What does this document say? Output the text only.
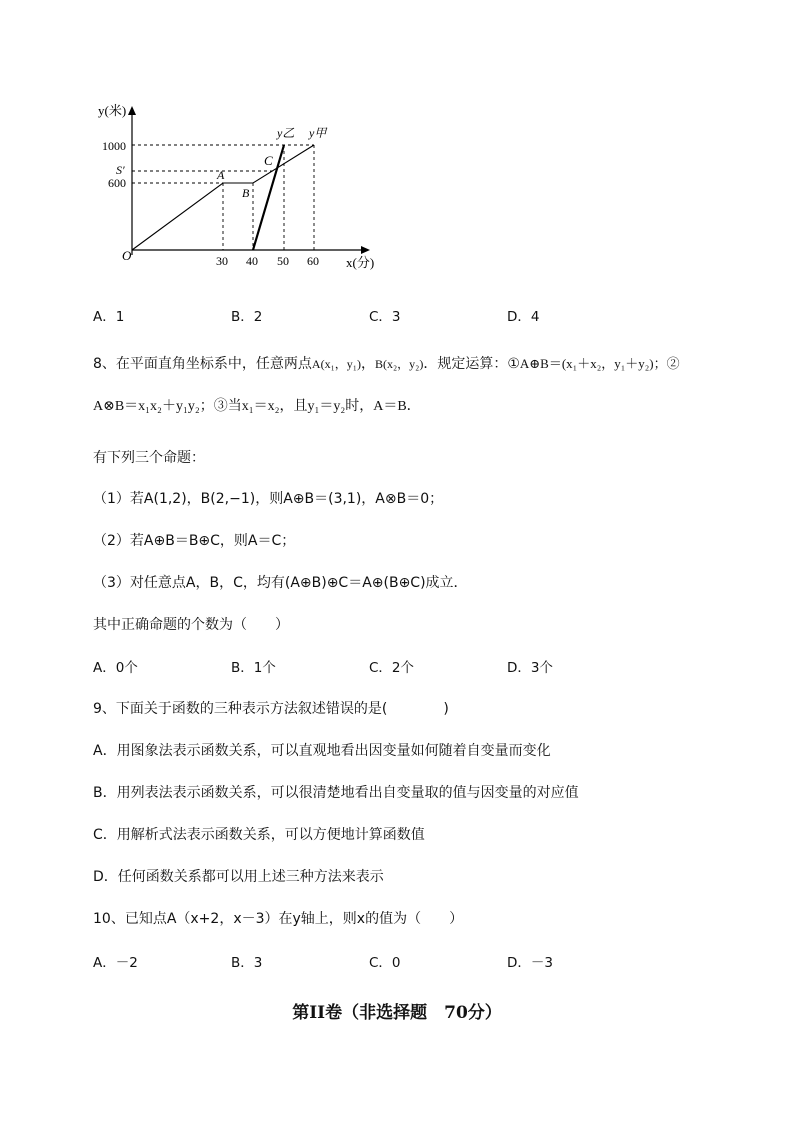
y(米)
1000
S′
600
O	30 40 50 60 x(分)
A
B
C
y乙 y甲
A．1	B．2	C．3	D．4
8、在平面直角坐标系中，任意两点A(x₁，y₁)，B(x₂，y₂)．规定运算：①A⊕B＝(x₁＋x₂，y₁＋y₂)；②
A⊗B＝x₁x₂＋y₁y₂；③当x₁＝x₂，且y₁＝y₂时，A＝B．
有下列三个命题：
（1）若A(1,2)，B(2,−1)，则A⊕B＝(3,1)，A⊗B＝0；
（2）若A⊕B＝B⊕C，则A＝C；
（3）对任意点A，B，C，均有(A⊕B)⊕C＝A⊕(B⊕C)成立．
其中正确命题的个数为（　　）
A．0个	B．1个	C．2个	D．3个
9、下面关于函数的三种表示方法叙述错误的是(　　　　)
A．用图象法表示函数关系，可以直观地看出因变量如何随着自变量而变化
B．用列表法表示函数关系，可以很清楚地看出自变量取的值与因变量的对应值
C．用解析式法表示函数关系，可以方便地计算函数值
D．任何函数关系都可以用上述三种方法来表示
10、已知点A（x+2，x－3）在y轴上，则x的值为（　　）
A．－2	B．3	C．0	D．－3
第II卷（非选择题　70分）
